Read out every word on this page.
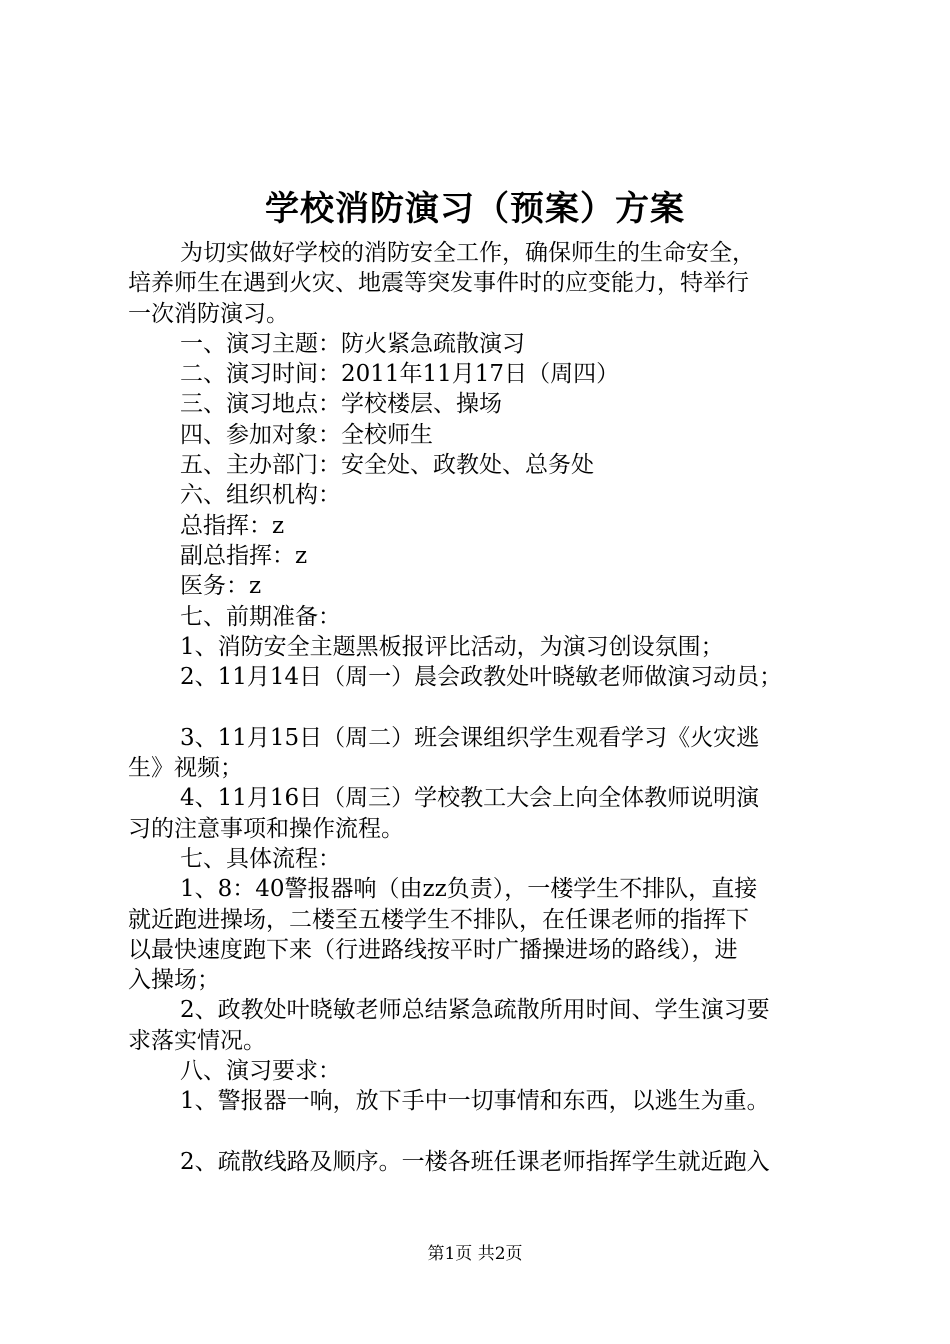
学校消防演习（预案）方案
为切实做好学校的消防安全工作，确保师生的生命安全，
培养师生在遇到火灾、地震等突发事件时的应变能力，特举行
一次消防演习。
一、演习主题：防火紧急疏散演习
二、演习时间：2011年11月17日（周四）
三、演习地点：学校楼层、操场
四、参加对象：全校师生
五、主办部门：安全处、政教处、总务处
六、组织机构：
总指挥：z
副总指挥：z
医务：z
七、前期准备：
1、消防安全主题黑板报评比活动，为演习创设氛围；
2、11月14日（周一）晨会政教处叶晓敏老师做演习动员；
3、11月15日（周二）班会课组织学生观看学习《火灾逃
生》视频；
4、11月16日（周三）学校教工大会上向全体教师说明演
习的注意事项和操作流程。
七、具体流程：
1、8：40警报器响（由zz负责），一楼学生不排队，直接
就近跑进操场，二楼至五楼学生不排队，在任课老师的指挥下
以最快速度跑下来（行进路线按平时广播操进场的路线），进
入操场；
2、政教处叶晓敏老师总结紧急疏散所用时间、学生演习要
求落实情况。
八、演习要求：
1、警报器一响，放下手中一切事情和东西，以逃生为重。
2、疏散线路及顺序。一楼各班任课老师指挥学生就近跑入
第1页 共2页
